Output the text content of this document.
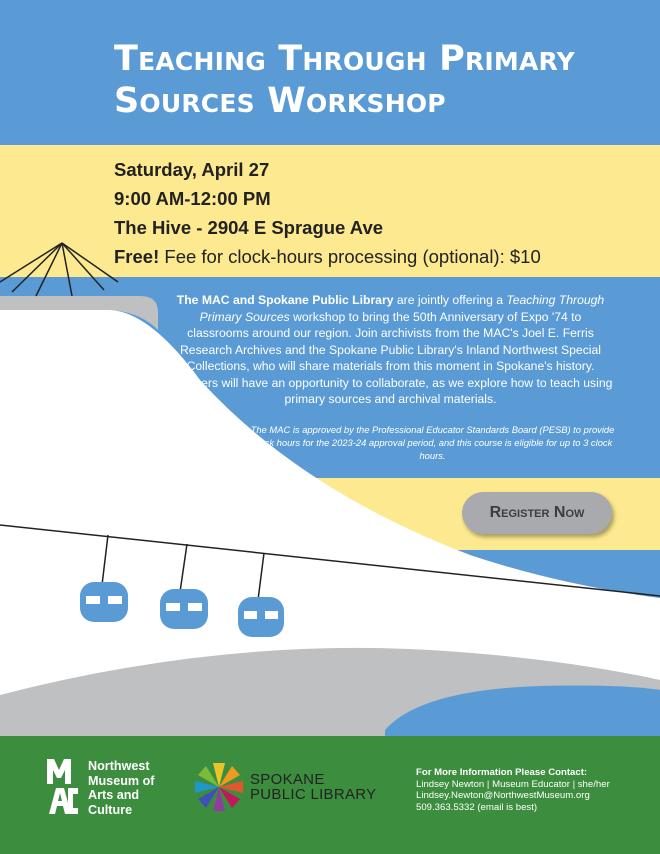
Teaching Through Primary
Sources Workshop
Saturday, April 27
9:00 AM-12:00 PM
The Hive - 2904 E Sprague Ave
Free! Fee for clock-hours processing (optional): $10
The MAC and Spokane Public Library are jointly offering a Teaching Through Primary Sources workshop to bring the 50th Anniversary of Expo '74 to classrooms around our region. Join archivists from the MAC's Joel E. Ferris Research Archives and the Spokane Public Library's Inland Northwest Special Collections, who will share materials from this moment in Spokane's history. Teachers will have an opportunity to collaborate, as we explore how to teach using primary sources and archival materials.
The MAC is approved by the Professional Educator Standards Board (PESB) to provide clock hours for the 2023-24 approval period, and this course is eligible for up to 3 clock hours.
Register Now
Northwest
Museum of
Arts and
Culture
SPOKANE
PUBLIC LIBRARY
For More Information Please Contact:
Lindsey Newton | Museum Educator | she/her
Lindsey.Newton@NorthwestMuseum.org
509.363.5332 (email is best)
